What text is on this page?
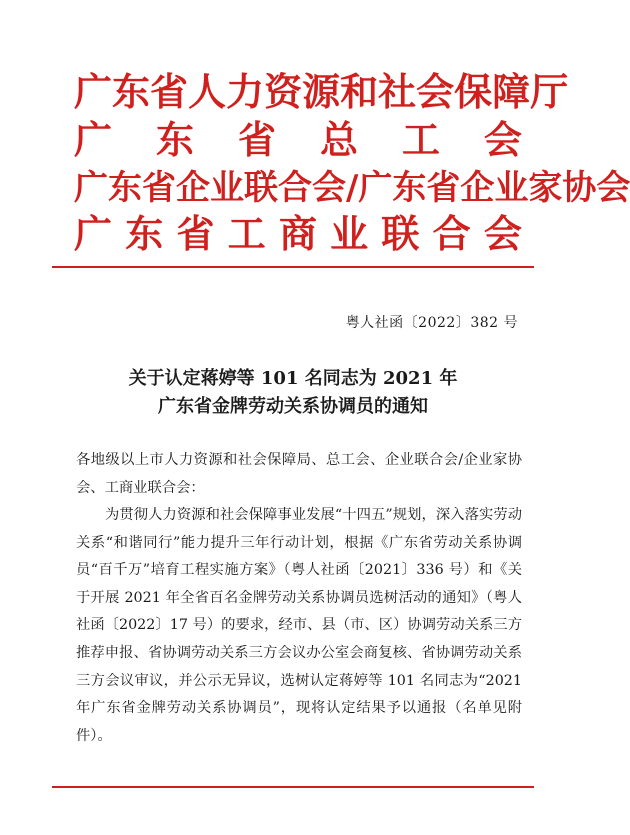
广 东 省 人 力 资 源 和 社 会 保 障 厅
广 东 省 总 工 会
广东省企业联合会/广东省企业家协会
广 东 省 工 商 业 联 合 会
粤人社函〔2022〕382 号
关于认定蒋婷等 101 名同志为 2021 年
广东省金牌劳动关系协调员的通知
各地级以上市人力资源和社会保障局、总工会、企业联合会/企业家协会、工商业联合会：
为贯彻人力资源和社会保障事业发展“十四五”规划，深入落实劳动关系“和谐同行”能力提升三年行动计划，根据《广东省劳动关系协调员“百千万”培育工程实施方案》（粤人社函〔2021〕336 号）和《关于开展 2021 年全省百名金牌劳动关系协调员选树活动的通知》（粤人社函〔2022〕17 号）的要求，经市、县（市、区）协调劳动关系三方推荐申报、省协调劳动关系三方会议办公室会商复核、省协调劳动关系三方会议审议，并公示无异议，选树认定蒋婷等 101 名同志为“2021 年广东省金牌劳动关系协调员”，现将认定结果予以通报（名单见附件）。
